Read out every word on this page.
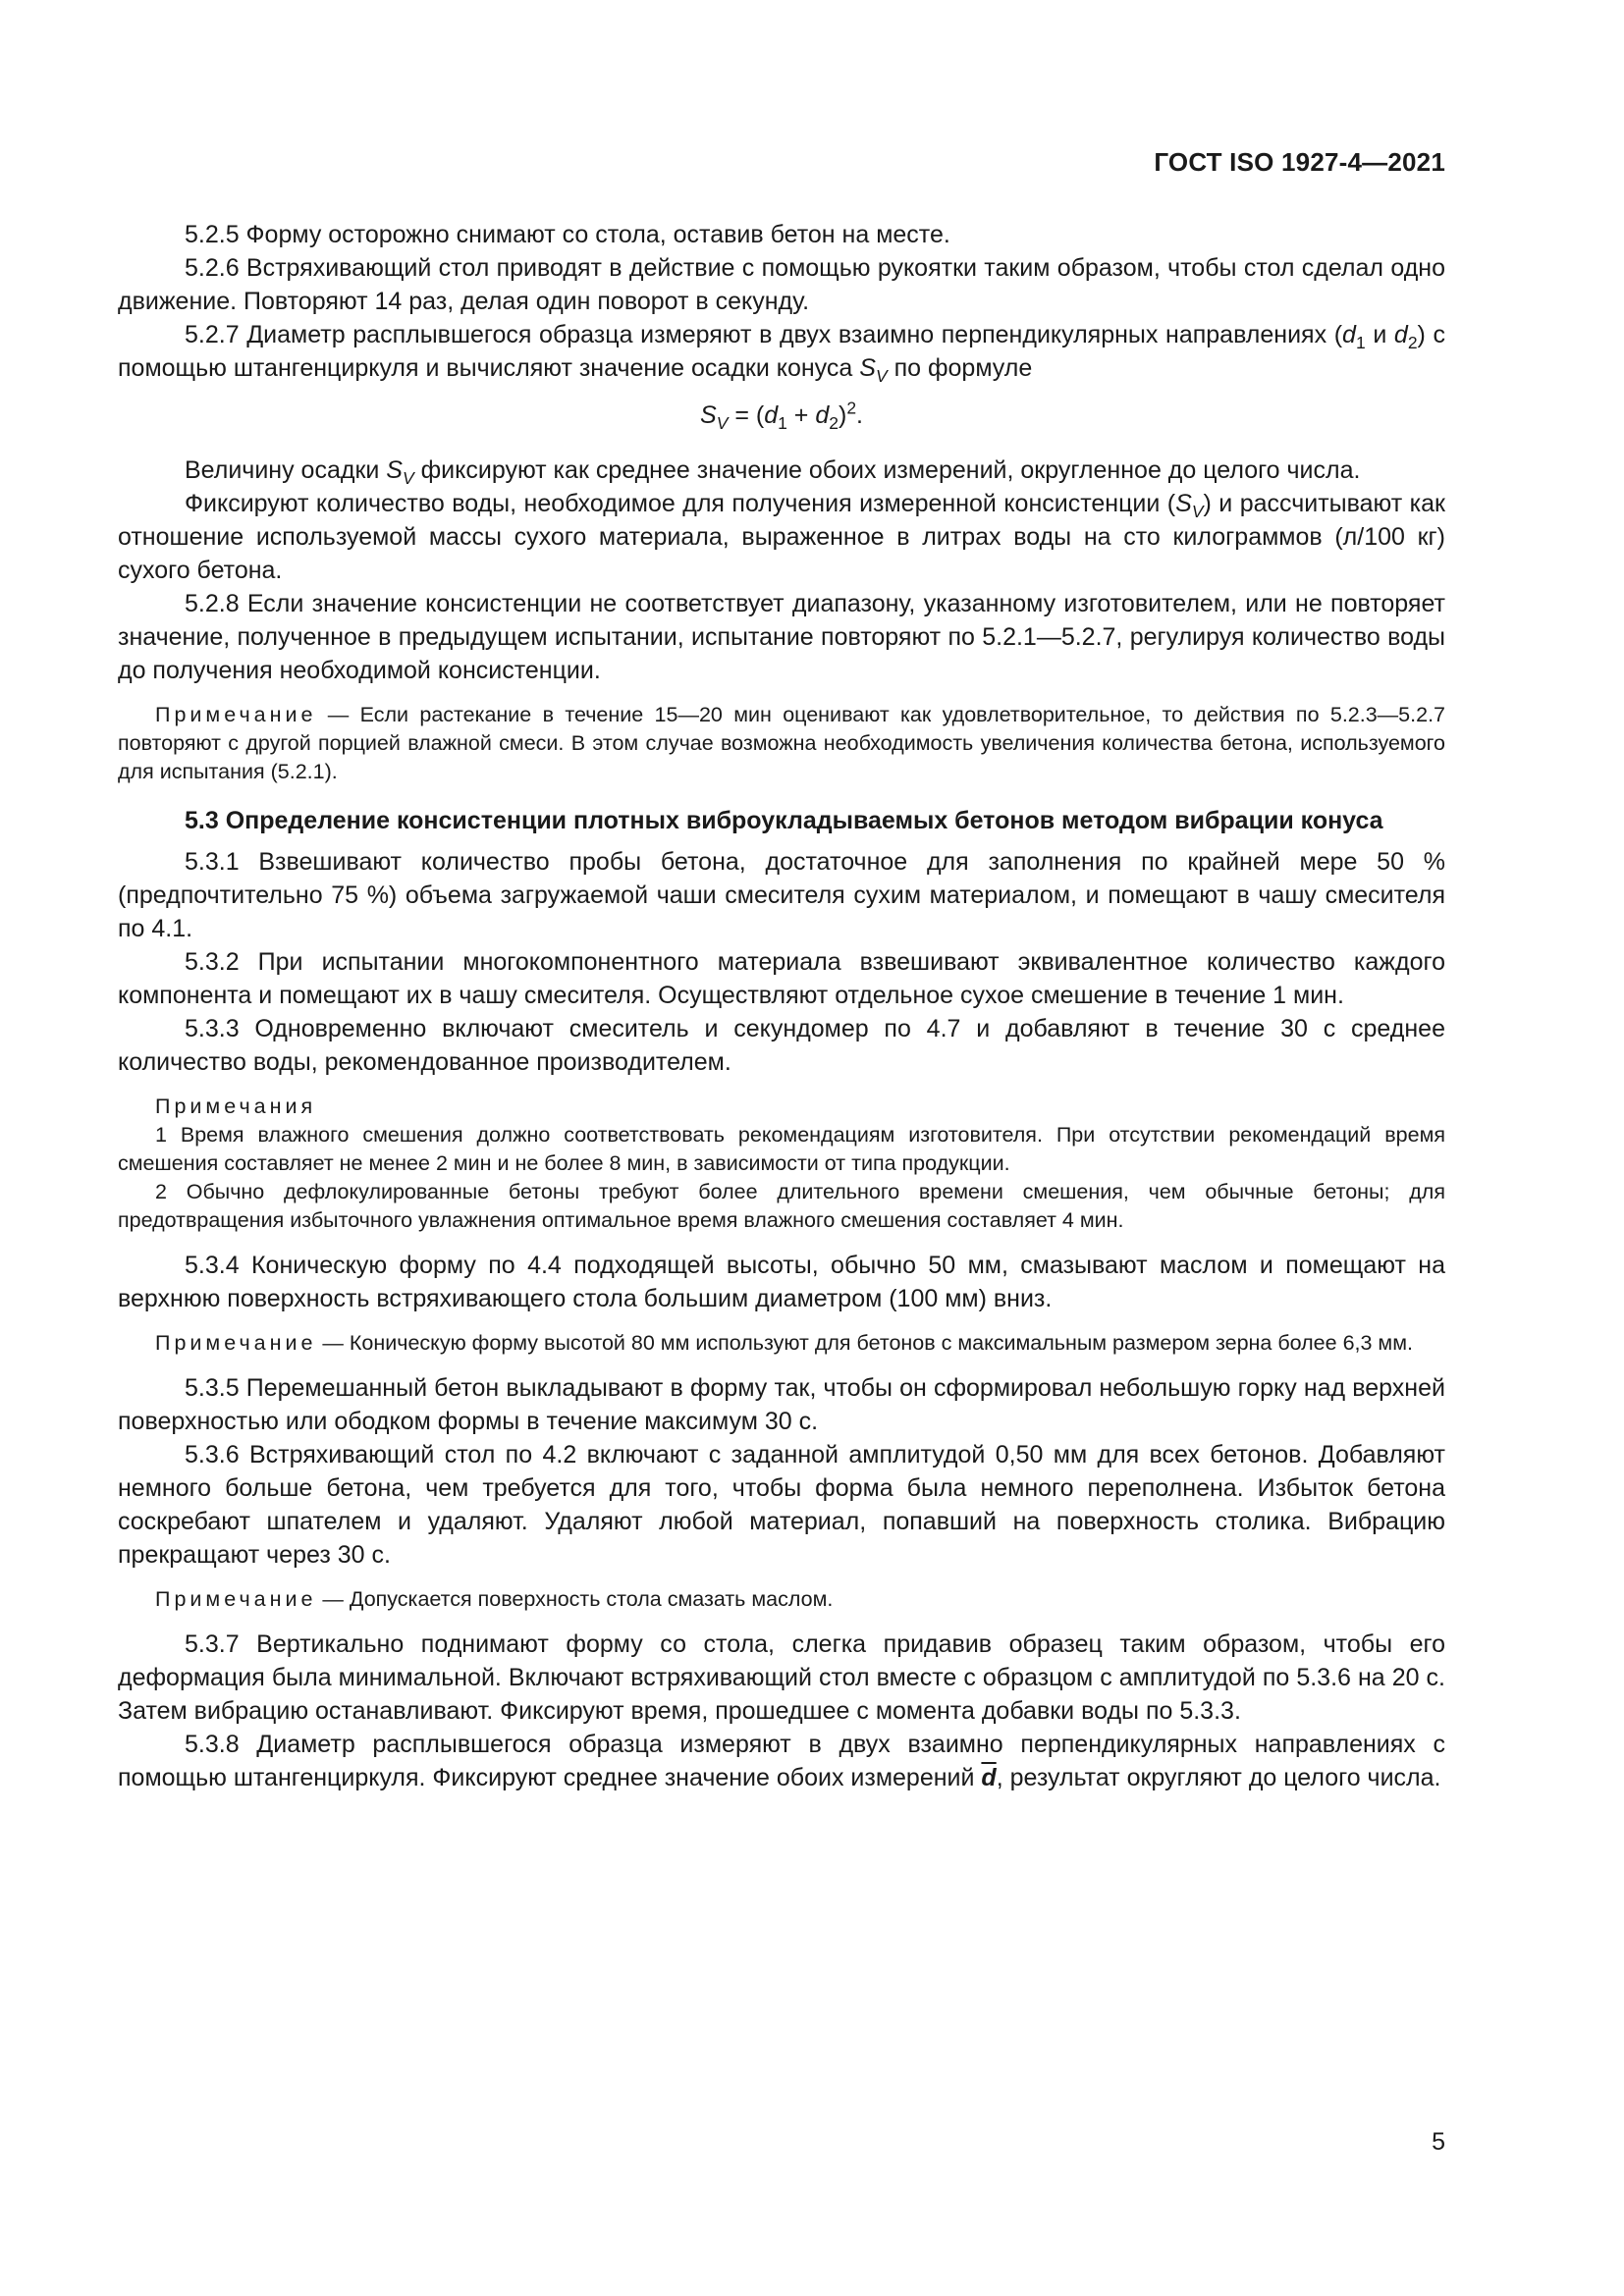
ГОСТ ISO 1927-4—2021

5.2.5 Форму осторожно снимают со стола, оставив бетон на месте.

5.2.6 Встряхивающий стол приводят в действие с помощью рукоятки таким образом, чтобы стол сделал одно движение. Повторяют 14 раз, делая один поворот в секунду.

5.2.7 Диаметр расплывшегося образца измеряют в двух взаимно перпендикулярных направлениях ($d_1$ и $d_2$) с помощью штангенциркуля и вычисляют значение осадки конуса $S_V$ по формуле

$S_V = (d_1 + d_2)^2$.

Величину осадки $S_V$ фиксируют как среднее значение обоих измерений, округленное до целого числа.

Фиксируют количество воды, необходимое для получения измеренной консистенции $(S_V)$ и рассчитывают как отношение используемой массы сухого материала, выраженное в литрах воды на сто килограммов (л/100 кг) сухого бетона.

5.2.8 Если значение консистенции не соответствует диапазону, указанному изготовителем, или не повторяет значение, полученное в предыдущем испытании, испытание повторяют по 5.2.1—5.2.7, регулируя количество воды до получения необходимой консистенции.

Примечание — Если растекание в течение 15—20 мин оценивают как удовлетворительное, то действия по 5.2.3—5.2.7 повторяют с другой порцией влажной смеси. В этом случае возможна необходимость увеличения количества бетона, используемого для испытания (5.2.1).

5.3 Определение консистенции плотных виброукладываемых бетонов методом вибрации конуса

5.3.1 Взвешивают количество пробы бетона, достаточное для заполнения по крайней мере 50 % (предпочтительно 75 %) объема загружаемой чаши смесителя сухим материалом, и помещают в чашу смесителя по 4.1.

5.3.2 При испытании многокомпонентного материала взвешивают эквивалентное количество каждого компонента и помещают их в чашу смесителя. Осуществляют отдельное сухое смешение в течение 1 мин.

5.3.3 Одновременно включают смеситель и секундомер по 4.7 и добавляют в течение 30 с среднее количество воды, рекомендованное производителем.

Примечания

1 Время влажного смешения должно соответствовать рекомендациям изготовителя. При отсутствии рекомендаций время смешения составляет не менее 2 мин и не более 8 мин, в зависимости от типа продукции.

2 Обычно дефлокулированные бетоны требуют более длительного времени смешения, чем обычные бетоны; для предотвращения избыточного увлажнения оптимальное время влажного смешения составляет 4 мин.

5.3.4 Коническую форму по 4.4 подходящей высоты, обычно 50 мм, смазывают маслом и помещают на верхнюю поверхность встряхивающего стола большим диаметром (100 мм) вниз.

Примечание — Коническую форму высотой 80 мм используют для бетонов с максимальным размером зерна более 6,3 мм.

5.3.5 Перемешанный бетон выкладывают в форму так, чтобы он сформировал небольшую горку над верхней поверхностью или ободком формы в течение максимум 30 с.

5.3.6 Встряхивающий стол по 4.2 включают с заданной амплитудой 0,50 мм для всех бетонов. Добавляют немного больше бетона, чем требуется для того, чтобы форма была немного переполнена. Избыток бетона соскребают шпателем и удаляют. Удаляют любой материал, попавший на поверхность столика. Вибрацию прекращают через 30 с.

Примечание — Допускается поверхность стола смазать маслом.

5.3.7 Вертикально поднимают форму со стола, слегка придавив образец таким образом, чтобы его деформация была минимальной. Включают встряхивающий стол вместе с образцом с амплитудой по 5.3.6 на 20 с. Затем вибрацию останавливают. Фиксируют время, прошедшее с момента добавки воды по 5.3.3.

5.3.8 Диаметр расплывшегося образца измеряют в двух взаимно перпендикулярных направлениях с помощью штангенциркуля. Фиксируют среднее значение обоих измерений $\overline{d}$, результат округляют до целого числа.

5
